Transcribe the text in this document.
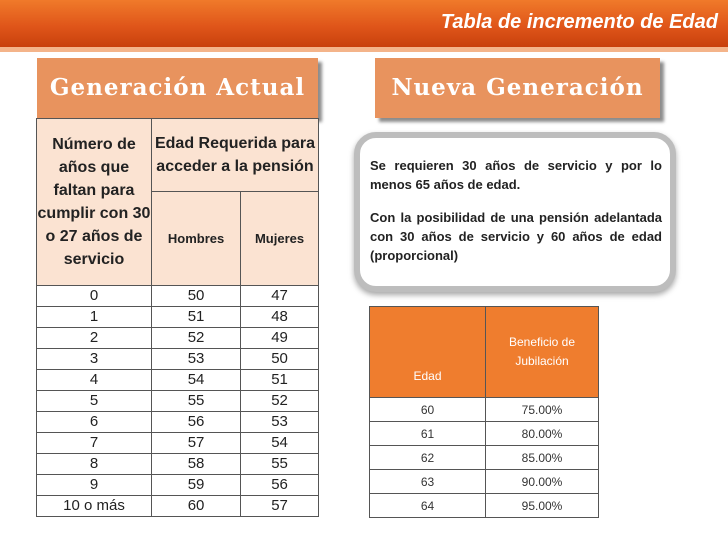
Tabla de incremento de Edad
Generación Actual	Nueva Generación
Número de años que faltan para cumplir con 30 o 27 años de servicio	Edad Requerida para acceder a la pensión	
	Hombres	Mujeres
0	50	47
1	51	48
2	52	49
3	53	50
4	54	51
5	55	52
6	56	53
7	57	54
8	58	55
9	59	56
10 o más	60	57

Se requieren 30 años de servicio y por lo menos 65 años de edad.

Con la posibilidad de una pensión adelantada con 30 años de servicio y 60 años de edad (proporcional)

Edad	Beneficio de Jubilación
60	75.00%
61	80.00%
62	85.00%
63	90.00%
64	95.00%
